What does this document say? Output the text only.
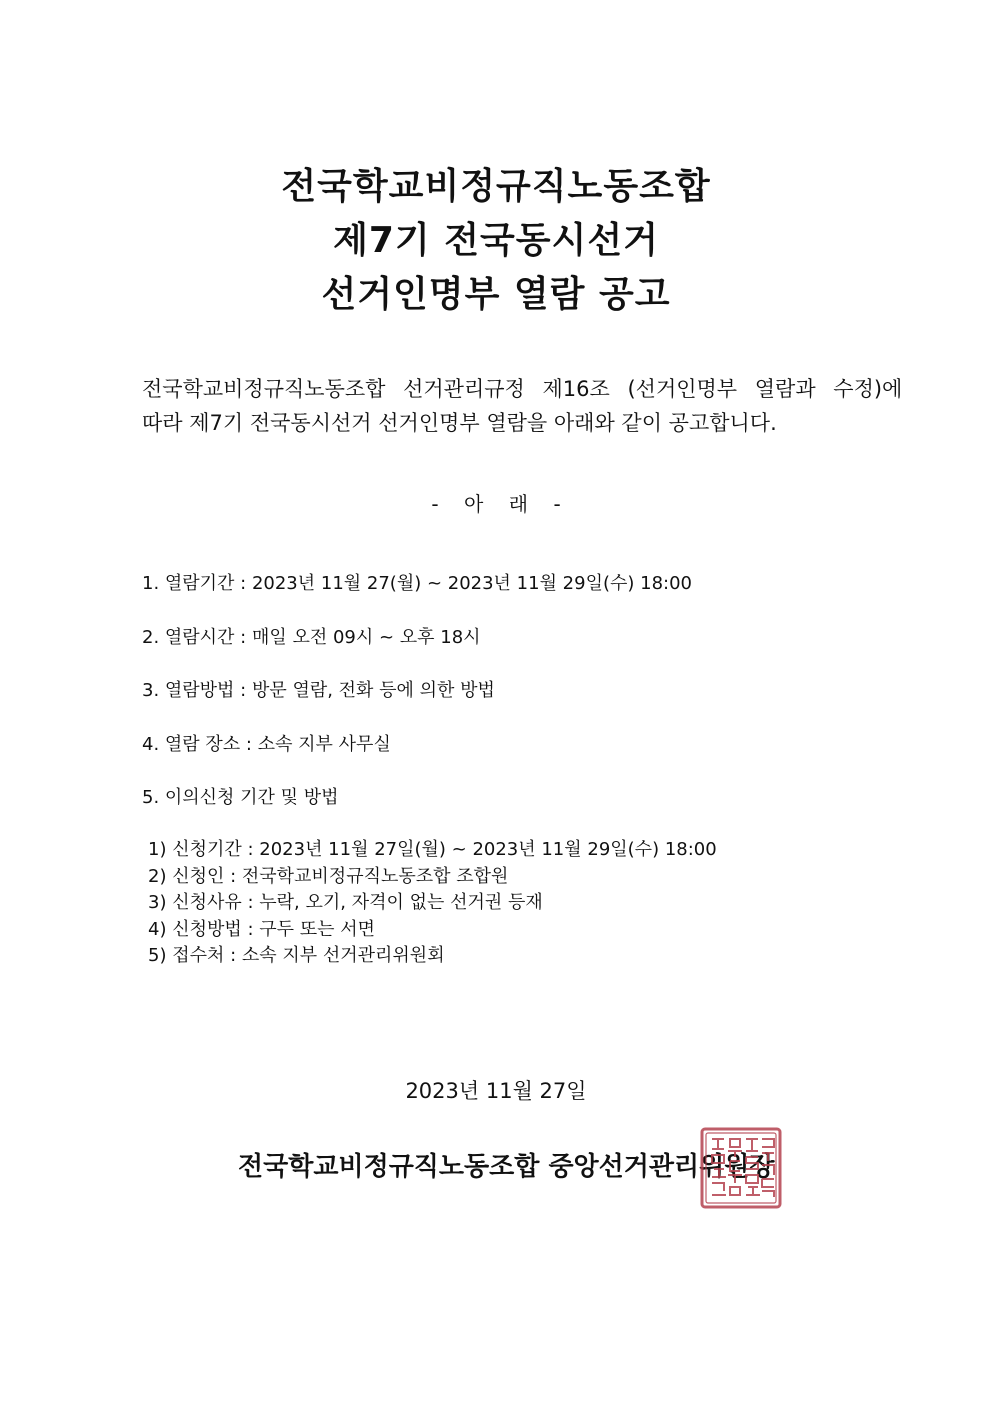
전국학교비정규직노동조합
제7기 전국동시선거
선거인명부 열람 공고

전국학교비정규직노동조합 선거관리규정 제16조 (선거인명부 열람과 수정)에

따라 제7기 전국동시선거 선거인명부 열람을 아래와 같이 공고합니다.

-    아    래    -
1. 열람기간 : 2023년 11월 27(월) ~ 2023년 11월 29일(수) 18:00
2. 열람시간 : 매일 오전 09시 ~ 오후 18시
3. 열람방법 : 방문 열람, 전화 등에 의한 방법
4. 열람 장소 : 소속 지부 사무실
5. 이의신청 기간 및 방법
1) 신청기간 : 2023년 11월 27일(월) ~ 2023년 11월 29일(수) 18:00
2) 신청인 : 전국학교비정규직노동조합 조합원
3) 신청사유 : 누락, 오기, 자격이 없는 선거권 등재
4) 신청방법 : 구두 또는 서면
5) 접수처 : 소속 지부 선거관리위원회
2023년 11월 27일
전국학교비정규직노동조합 중앙선거관리위원장
